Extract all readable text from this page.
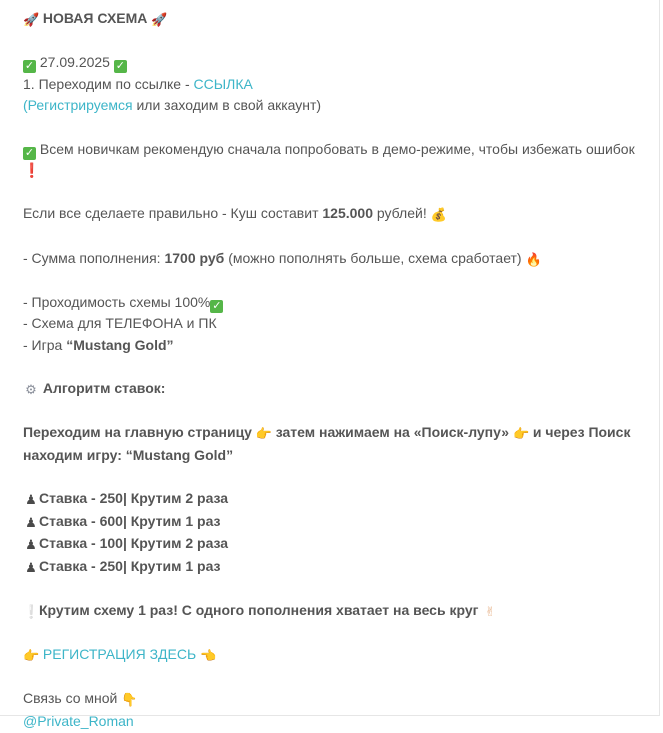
🚀 НОВАЯ СХЕМА 🚀
✓ 27.09.2025 ✓
1. Переходим по ссылке - ССЫЛКА
(Регистрируемся или заходим в свой аккаунт)
✓ Всем новичкам рекомендую сначала попробовать в демо-режиме, чтобы избежать ошибок ❗
Если все сделаете правильно - Куш составит 125.000 рублей! 💰
- Сумма пополнения: 1700 руб (можно пополнять больше, схема сработает) 🔥
- Проходимость схемы 100% ✓
- Схема для ТЕЛЕФОНА и ПК
- Игра “Mustang Gold”
⚙ Алгоритм ставок:
Переходим на главную страницу 👉 затем нажимаем на «Поиск-лупу» 👉 и через Поиск находим игру: “Mustang Gold”
♟ Ставка - 250| Крутим 2 раза
♟ Ставка - 600| Крутим 1 раз
♟ Ставка - 100| Крутим 2 раза
♟ Ставка - 250| Крутим 1 раз
❕Крутим схему 1 раз! С одного пополнения хватает на весь круг ✌
👉 РЕГИСТРАЦИЯ ЗДЕСЬ 👈
Связь со мной 👇
@Private_Roman
